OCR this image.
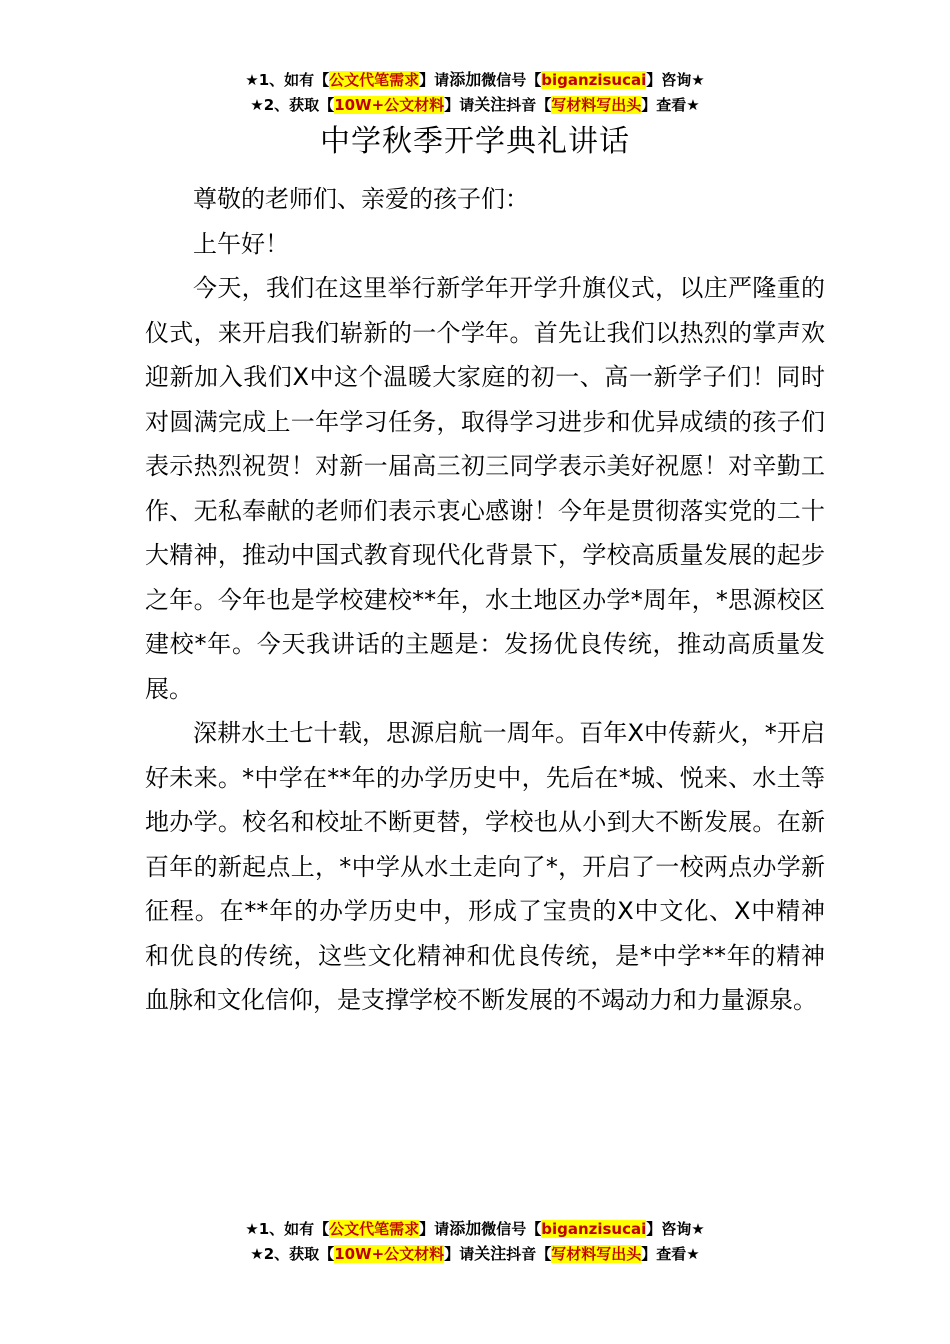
★1、如有【公文代笔需求】请添加微信号【biganzisucai】咨询★
★2、获取【10W+公文材料】请关注抖音【写材料写出头】查看★
中学秋季开学典礼讲话

尊敬的老师们、亲爱的孩子们：

上午好！

今天，我们在这里举行新学年开学升旗仪式，以庄严隆重的仪式，来开启我们崭新的一个学年。首先让我们以热烈的掌声欢迎新加入我们X中这个温暖大家庭的初一、高一新学子们！同时对圆满完成上一年学习任务，取得学习进步和优异成绩的孩子们表示热烈祝贺！对新一届高三初三同学表示美好祝愿！对辛勤工作、无私奉献的老师们表示衷心感谢！今年是贯彻落实党的二十大精神，推动中国式教育现代化背景下，学校高质量发展的起步之年。今年也是学校建校**年，水土地区办学*周年，*思源校区建校*年。今天我讲话的主题是：发扬优良传统，推动高质量发展。

深耕水土七十载，思源启航一周年。百年X中传薪火，*开启好未来。*中学在**年的办学历史中，先后在*城、悦来、水土等地办学。校名和校址不断更替，学校也从小到大不断发展。在新百年的新起点上，*中学从水土走向了*，开启了一校两点办学新征程。在**年的办学历史中，形成了宝贵的X中文化、X中精神和优良的传统，这些文化精神和优良传统，是*中学**年的精神血脉和文化信仰，是支撑学校不断发展的不竭动力和力量源泉。

★1、如有【公文代笔需求】请添加微信号【biganzisucai】咨询★
★2、获取【10W+公文材料】请关注抖音【写材料写出头】查看★
